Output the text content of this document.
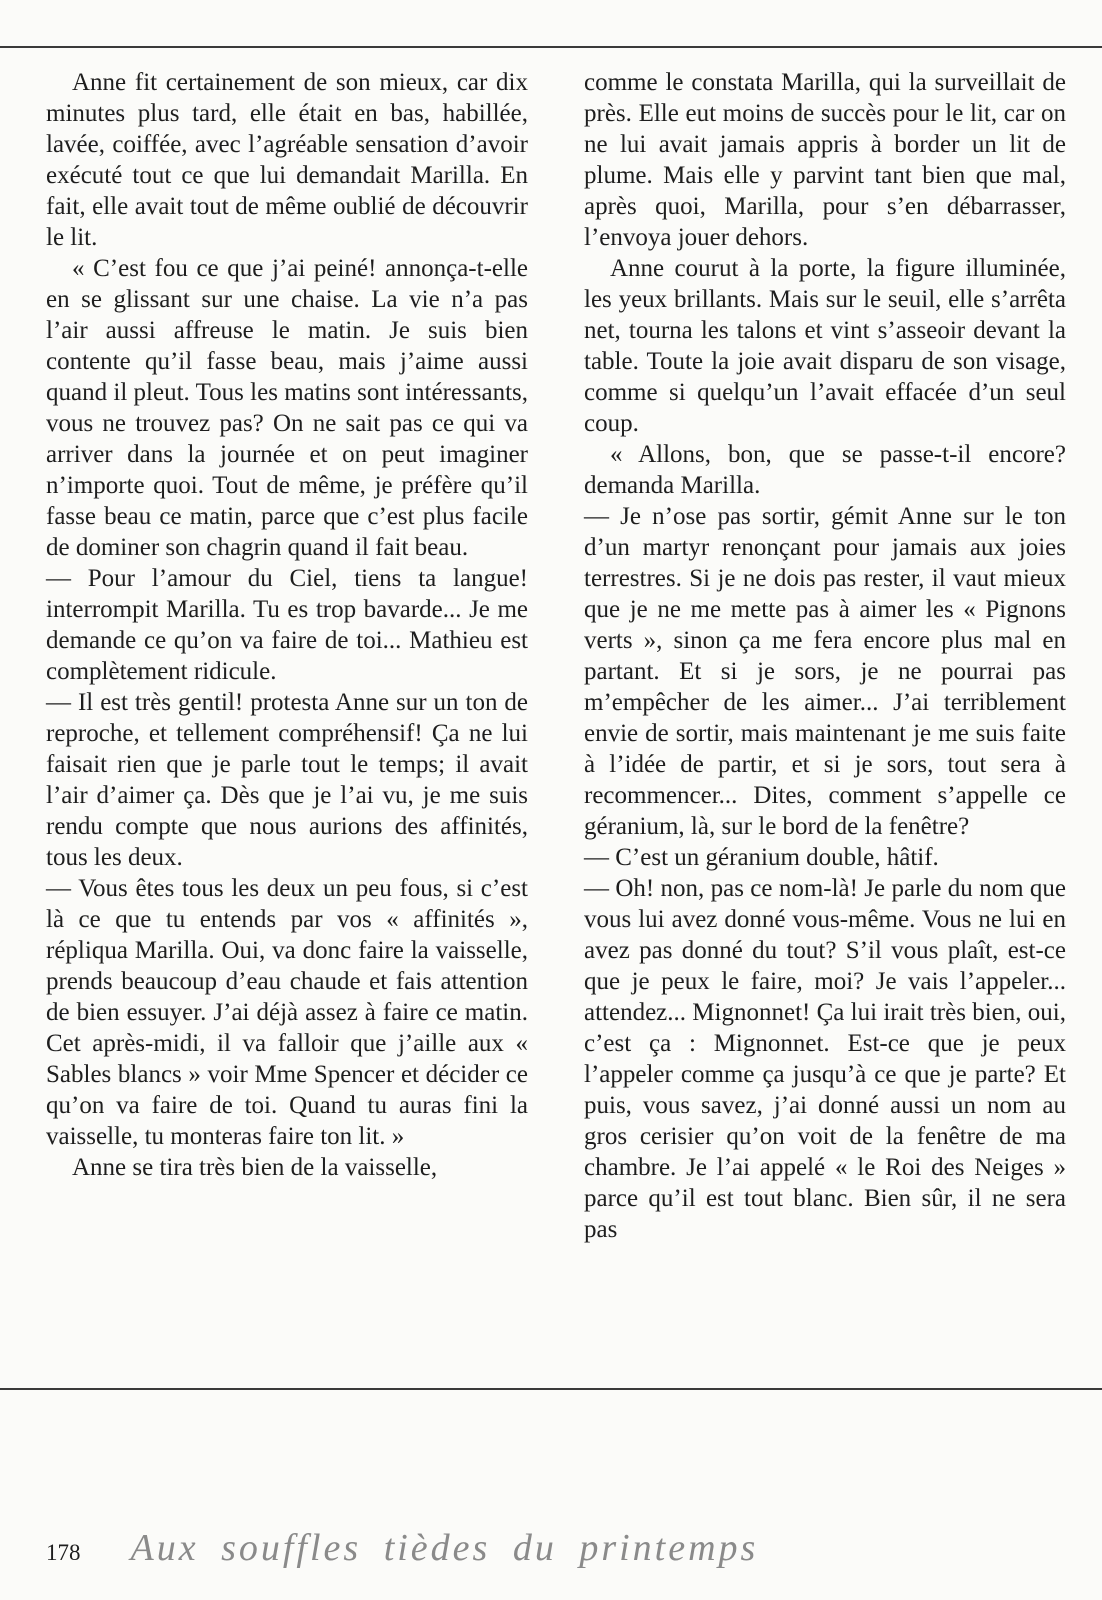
Anne fit certainement de son mieux, car dix minutes plus tard, elle était en bas, habillée, lavée, coiffée, avec l’agréable sensation d’avoir exécuté tout ce que lui demandait Marilla. En fait, elle avait tout de même oublié de découvrir le lit.

« C’est fou ce que j’ai peiné! annonça-t-elle en se glissant sur une chaise. La vie n’a pas l’air aussi affreuse le matin. Je suis bien contente qu’il fasse beau, mais j’aime aussi quand il pleut. Tous les matins sont intéressants, vous ne trouvez pas? On ne sait pas ce qui va arriver dans la journée et on peut imaginer n’importe quoi. Tout de même, je préfère qu’il fasse beau ce matin, parce que c’est plus facile de dominer son chagrin quand il fait beau.

— Pour l’amour du Ciel, tiens ta langue! interrompit Marilla. Tu es trop bavarde... Je me demande ce qu’on va faire de toi... Mathieu est complètement ridicule.

— Il est très gentil! protesta Anne sur un ton de reproche, et tellement compréhensif! Ça ne lui faisait rien que je parle tout le temps; il avait l’air d’aimer ça. Dès que je l’ai vu, je me suis rendu compte que nous aurions des affinités, tous les deux.

— Vous êtes tous les deux un peu fous, si c’est là ce que tu entends par vos « affinités », répliqua Marilla. Oui, va donc faire la vaisselle, prends beaucoup d’eau chaude et fais attention de bien essuyer. J’ai déjà assez à faire ce matin. Cet après-midi, il va falloir que j’aille aux « Sables blancs » voir Mme Spencer et décider ce qu’on va faire de toi. Quand tu auras fini la vaisselle, tu monteras faire ton lit. »

Anne se tira très bien de la vaisselle,

comme le constata Marilla, qui la surveillait de près. Elle eut moins de succès pour le lit, car on ne lui avait jamais appris à border un lit de plume. Mais elle y parvint tant bien que mal, après quoi, Marilla, pour s’en débarrasser, l’envoya jouer dehors.

Anne courut à la porte, la figure illuminée, les yeux brillants. Mais sur le seuil, elle s’arrêta net, tourna les talons et vint s’asseoir devant la table. Toute la joie avait disparu de son visage, comme si quelqu’un l’avait effacée d’un seul coup.

« Allons, bon, que se passe-t-il encore? demanda Marilla.

— Je n’ose pas sortir, gémit Anne sur le ton d’un martyr renonçant pour jamais aux joies terrestres. Si je ne dois pas rester, il vaut mieux que je ne me mette pas à aimer les « Pignons verts », sinon ça me fera encore plus mal en partant. Et si je sors, je ne pourrai pas m’empêcher de les aimer... J’ai terriblement envie de sortir, mais maintenant je me suis faite à l’idée de partir, et si je sors, tout sera à recommencer... Dites, comment s’appelle ce géranium, là, sur le bord de la fenêtre?

— C’est un géranium double, hâtif.

— Oh! non, pas ce nom-là! Je parle du nom que vous lui avez donné vous-même. Vous ne lui en avez pas donné du tout? S’il vous plaît, est-ce que je peux le faire, moi? Je vais l’appeler... attendez... Mignonnet! Ça lui irait très bien, oui, c’est ça : Mignonnet. Est-ce que je peux l’appeler comme ça jusqu’à ce que je parte? Et puis, vous savez, j’ai donné aussi un nom au gros cerisier qu’on voit de la fenêtre de ma chambre. Je l’ai appelé « le Roi des Neiges » parce qu’il est tout blanc. Bien sûr, il ne sera pas

178 Aux souffles tièdes du printemps
